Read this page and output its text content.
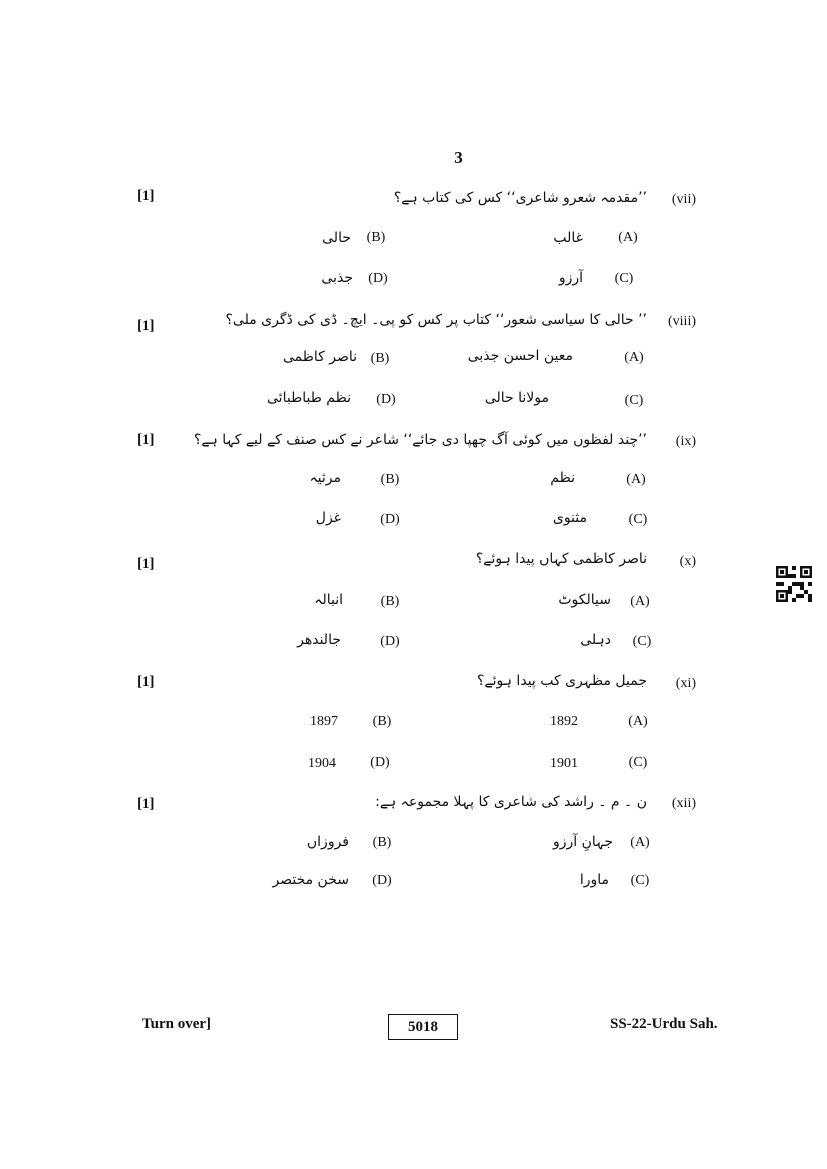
3
[1]	(vii)
’’مقدمہ شعرو شاعری‘‘ کس کی کتاب ہے؟
(A)
غالب
(B)
حالی
(C)
آرزو
(D)
جذبی
[1]	(viii)
’’ حالی کا سیاسی شعور‘‘ کتاب پر کس کو پی۔ ایچ۔ ڈی کی ڈگری ملی؟
(A)
معین احسن جذبی
(B)
ناصر کاظمی
(C)
مولانا حالی
(D)
نظم طباطبائی
[1]	(ix)
’’چند لفظوں میں کوئی آگ چھپا دی جائے‘‘ شاعر نے کس صنف کے لیے کہا ہے؟
(A)
نظم
(B)
مرثیہ
(C)
مثنوی
(D)
غزل
[1]	(x)
ناصر کاظمی کہاں پیدا ہوئے؟
(A)
سیالکوٹ
(B)
انبالہ
(C)
دہلی
(D)
جالندھر
[1]	(xi)
جمیل مظہری کب پیدا ہوئے؟
(A)
1892
(B)
1897
(C)
1901
(D)
1904
[1]	(xii)
ن ۔ م ۔ راشد کی شاعری کا پہلا مجموعہ ہے:
(A)
جہانِ آرزو
(B)
فروزاں
(C)
ماورا
(D)
سخن مختصر
Turn over]	5018	SS-22-Urdu Sah.
